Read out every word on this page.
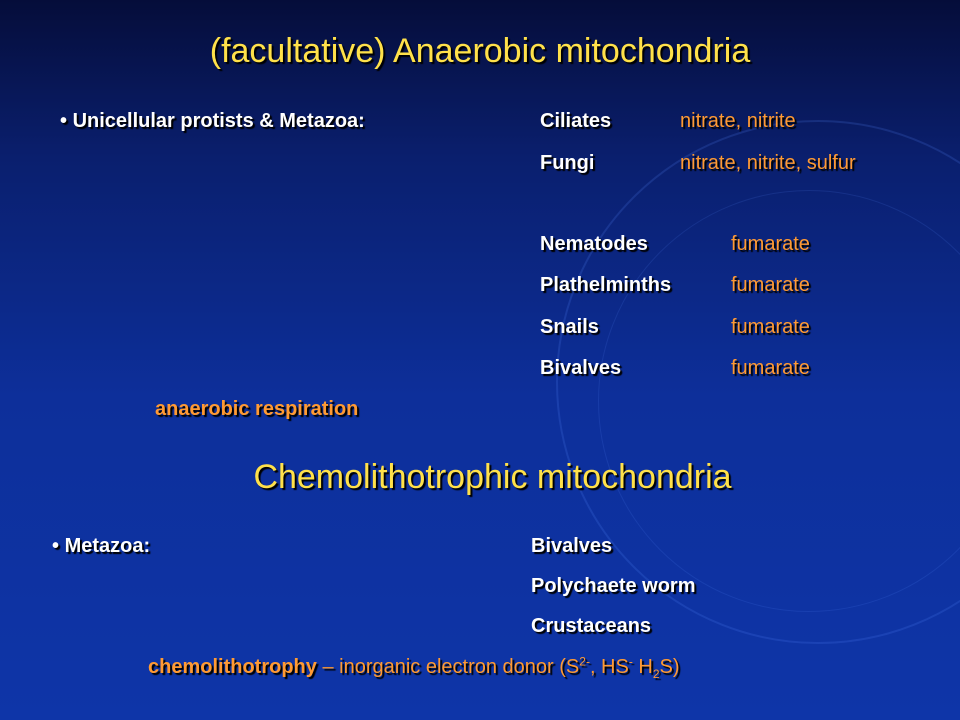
(facultative) Anaerobic mitochondria
• Unicellular protists & Metazoa:	Ciliates	nitrate, nitrite
Fungi	nitrate, nitrite, sulfur
Nematodes	fumarate
Plathelminths	fumarate
Snails	fumarate
Bivalves	fumarate
anaerobic respiration
Chemolithotrophic mitochondria
• Metazoa:	Bivalves
Polychaete worm
Crustaceans
chemolithotrophy – inorganic electron donor ($S^{2-}$, HS- $H_2S$)
